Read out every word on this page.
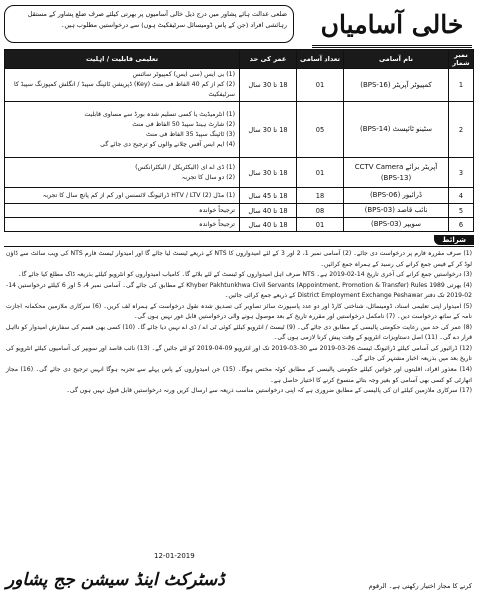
ضلعی عدالت ہائے پشاور میں درج ذیل خالی آسامیوں پر بھرتی کیلئے صرف ضلع پشاور کے مستقل رہائشی افراد (جن کے پاس ڈومیسائل سرٹیفکیٹ ہوں) سے درخواستیں مطلوب ہیں۔	خالی آسامیاں
نمبر شمار	نام آسامی	تعداد آسامی	عمر کی حد	تعلیمی قابلیت / اہلیت
1	کمپیوٹر آپریٹر (BPS-16)	01	18 تا 30 سال	(1) بی ایس (سی ایس) کمپیوٹر سائنس
(2) کم از کم 40 الفاظ فی منٹ (Key) ڈپریشن ٹائپنگ سپیڈ / انگلش کمپوزنگ سپیڈ کا سرٹیفکیٹ
2	سٹینو ٹائپسٹ (BPS-14)	05	18 تا 30 سال	(1) انٹرمیڈیٹ یا کسی تسلیم شدہ بورڈ سے مساوی قابلیت
(2) شارٹ ہینڈ سپیڈ 50 الفاظ فی منٹ
(3) ٹائپنگ سپیڈ 35 الفاظ فی منٹ
(4) ایم ایس آفس چلانے والوں کو ترجیح دی جائے گی
3	آپریٹر برائے CCTV Camera (BPS-13)	01	18 تا 30 سال	(1) ڈی اے ای (الیکٹریکل / الیکٹرانکس)
(2) دو سال کا تجربہ
4	ڈرائیور (BPS-06)	18	18 تا 45 سال	(1) مڈل (2) HTV / LTV ڈرائیونگ لائسنس اور کم از کم پانچ سال کا تجربہ
5	نائب قاصد (BPS-03)	08	18 تا 40 سال	ترجیحاً خواندہ
6	سویپر (BPS-03)	01	18 تا 40 سال	ترجیحاً خواندہ
شرائط

(1) صرف مقررہ فارم پر درخواست دی جائے۔ (2) آسامی نمبر 1، 2 اور 3 کے لئے امیدواروں کا NTS کے ذریعے ٹیسٹ لیا جائے گا اور امیدوار ٹیسٹ فارم NTS کی ویب سائٹ سے ڈاؤن لوڈ کر کے فیس جمع کرانے کی رسید کے ہمراہ جمع کرائیں۔

(3) درخواستیں جمع کرانے کی آخری تاریخ 14-02-2019 ہے۔ NTS صرف اہل امیدواروں کو ٹیسٹ کے لئے بلائے گا۔ کامیاب امیدواروں کو انٹرویو کیلئے بذریعہ ڈاک مطلع کیا جائے گا۔

(4) بھرتی Khyber Pakhtunkhwa Civil Servants (Appointment, Promotion & Transfer) Rules 1989 کے مطابق کی جائے گی۔ آسامی نمبر 4، 5 اور 6 کیلئے درخواستیں 14-02-2019 تک دفتر District Employment Exchange Peshawar کے ذریعے جمع کرائی جائیں۔

(5) امیدوار اپنی تعلیمی اسناد، ڈومیسائل، شناختی کارڈ اور دو عدد پاسپورٹ سائز تصاویر کی تصدیق شدہ نقول درخواست کے ہمراہ لف کریں۔ (6) سرکاری ملازمین محکمانہ اجازت نامہ کے ساتھ درخواست دیں۔ (7) نامکمل درخواستیں اور مقررہ تاریخ کے بعد موصول ہونے والی درخواستیں قابل غور نہیں ہوں گی۔

(8) عمر کی حد میں رعایت حکومتی پالیسی کے مطابق دی جائے گی۔ (9) ٹیسٹ / انٹرویو کیلئے کوئی ٹی اے / ڈی اے نہیں دیا جائے گا۔ (10) کسی بھی قسم کی سفارش امیدوار کو نااہل قرار دے گی۔ (11) اصل دستاویزات انٹرویو کے وقت پیش کرنا لازمی ہوں گی۔

(12) ڈرائیور کی آسامی کیلئے ڈرائیونگ ٹیسٹ 26-03-2019 سے 30-03-2019 تک اور انٹرویو 09-04-2019 کو لئے جائیں گے۔ (13) نائب قاصد اور سویپر کی آسامیوں کیلئے انٹرویو کی تاریخ بعد میں بذریعہ اخبار مشتہر کی جائے گی۔

(14) معذور افراد، اقلیتوں اور خواتین کیلئے حکومتی پالیسی کے مطابق کوٹہ مختص ہوگا۔ (15) جن امیدواروں کے پاس پہلے سے تجربہ ہوگا انہیں ترجیح دی جائے گی۔ (16) مجاز اتھارٹی کو کسی بھی آسامی کو بغیر وجہ بتائے منسوخ کرنے کا اختیار حاصل ہے۔

(17) سرکاری ملازمین کیلئے ان کی پالیسی کے مطابق ضروری ہے کہ اپنی درخواستیں مناسب ذریعہ سے ارسال کریں ورنہ درخواستیں قابل قبول نہیں ہوں گی۔

12-01-2019
کرنے کا مجاز اختیار رکھتی ہے۔ الرقوم
ڈسٹرکٹ اینڈ سیشن جج پشاور
